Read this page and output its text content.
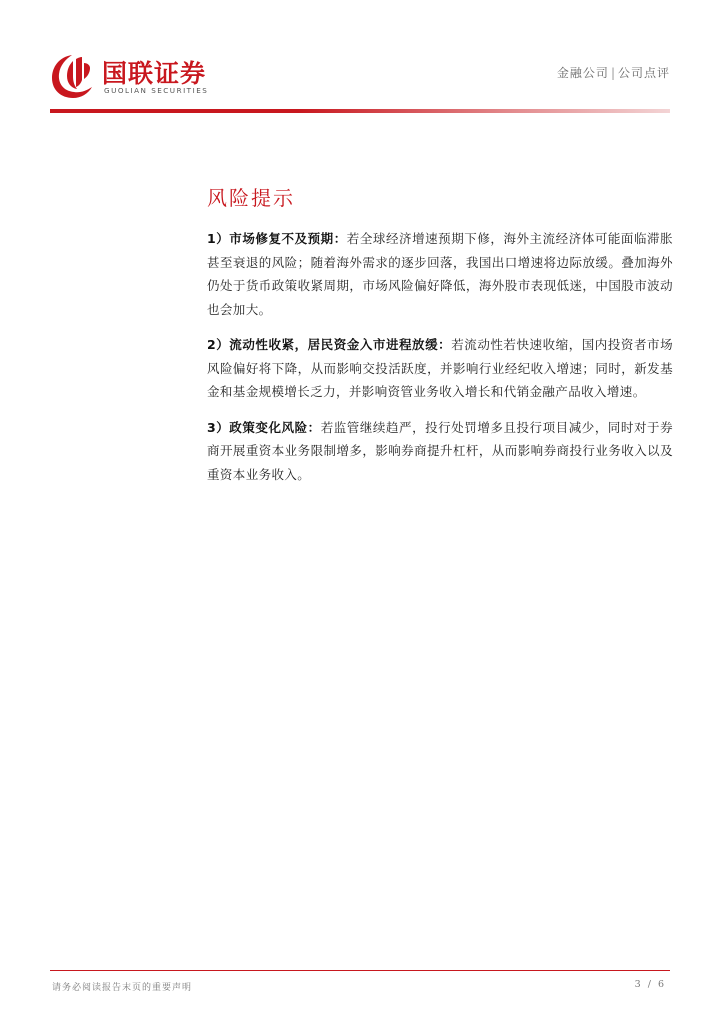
国联证券
GUOLIAN SECURITIES
金融公司 | 公司点评
风险提示

1）市场修复不及预期：若全球经济增速预期下修，海外主流经济体可能面临滞胀甚至衰退的风险；随着海外需求的逐步回落，我国出口增速将边际放缓。叠加海外仍处于货币政策收紧周期，市场风险偏好降低，海外股市表现低迷，中国股市波动也会加大。

2）流动性收紧，居民资金入市进程放缓：若流动性若快速收缩，国内投资者市场风险偏好将下降，从而影响交投活跃度，并影响行业经纪收入增速；同时，新发基金和基金规模增长乏力，并影响资管业务收入增长和代销金融产品收入增速。

3）政策变化风险：若监管继续趋严，投行处罚增多且投行项目减少，同时对于券商开展重资本业务限制增多，影响券商提升杠杆，从而影响券商投行业务收入以及重资本业务收入。

请务必阅读报告末页的重要声明	3 / 6
